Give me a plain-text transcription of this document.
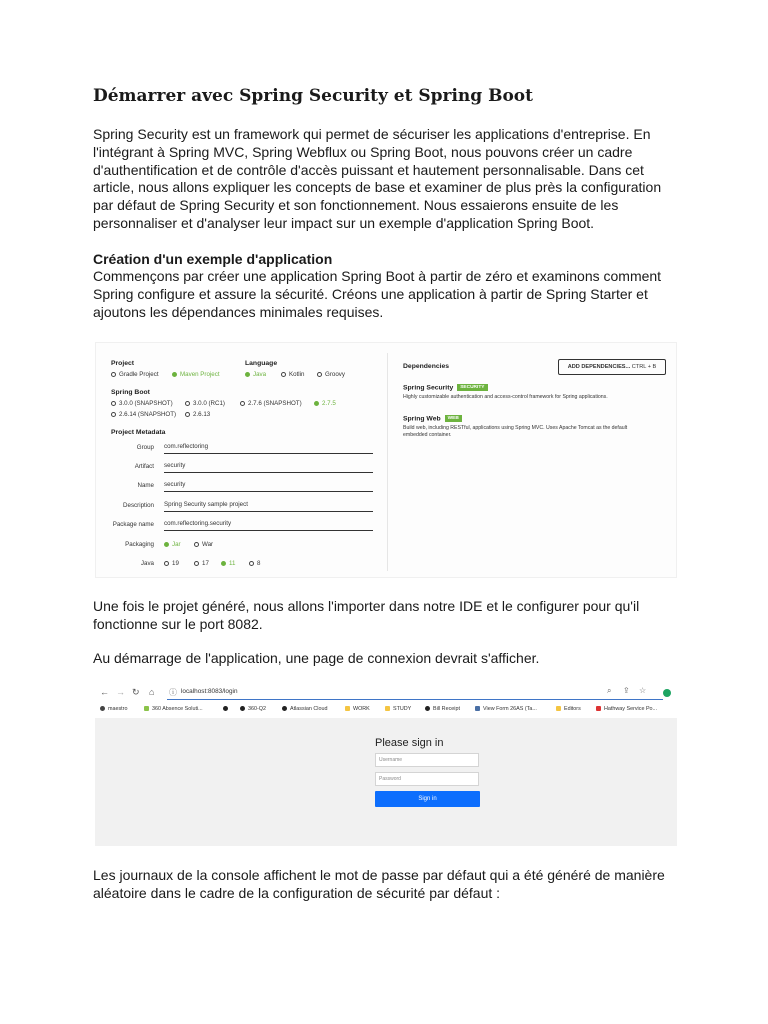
Démarrer avec Spring Security et Spring Boot

Spring Security est un framework qui permet de sécuriser les applications d'entreprise. En l'intégrant à Spring MVC, Spring Webflux ou Spring Boot, nous pouvons créer un cadre d'authentification et de contrôle d'accès puissant et hautement personnalisable. Dans cet article, nous allons expliquer les concepts de base et examiner de plus près la configuration par défaut de Spring Security et son fonctionnement. Nous essaierons ensuite de les personnaliser et d'analyser leur impact sur un exemple d'application Spring Boot.

Création d'un exemple d'application

Commençons par créer une application Spring Boot à partir de zéro et examinons comment Spring configure et assure la sécurité. Créons une application à partir de Spring Starter et ajoutons les dépendances minimales requises.

Une fois le projet généré, nous allons l'importer dans notre IDE et le configurer pour qu'il fonctionne sur le port 8082.

Au démarrage de l'application, une page de connexion devrait s'afficher.

Les journaux de la console affichent le mot de passe par défaut qui a été généré de manière aléatoire dans le cadre de la configuration de sécurité par défaut :

Project
Gradle Project	Maven Project
Language
Java	Kotlin	Groovy
Spring Boot
3.0.0 (SNAPSHOT)	3.0.0 (RC1)	2.7.6 (SNAPSHOT)	2.7.5
2.6.14 (SNAPSHOT)	2.6.13
Project Metadata
Group com.reflectoring
Artifact security
Name security
Description Spring Security sample project
Package name com.reflectoring.security
Packaging	Jar	War
Java	19	17	11	8
Dependencies	ADD DEPENDENCIES... CTRL + B
Spring Security SECURITY
Highly customizable authentication and access-control framework for Spring applications.
Spring Web WEB
Build web, including RESTful, applications using Spring MVC. Uses Apache Tomcat as the default embedded container.
← → ↻ ⌂ ⓘ localhost:8083/login	⌕ ⇪ ☆
maestro	360 Absence Soluti...	360-Q2	Atlassian Cloud	WORK	STUDY	Bill Receipt	View Form 26AS (Ta...	Editors	Hathway Service Po...
Please sign in
Username
Password
Sign in
